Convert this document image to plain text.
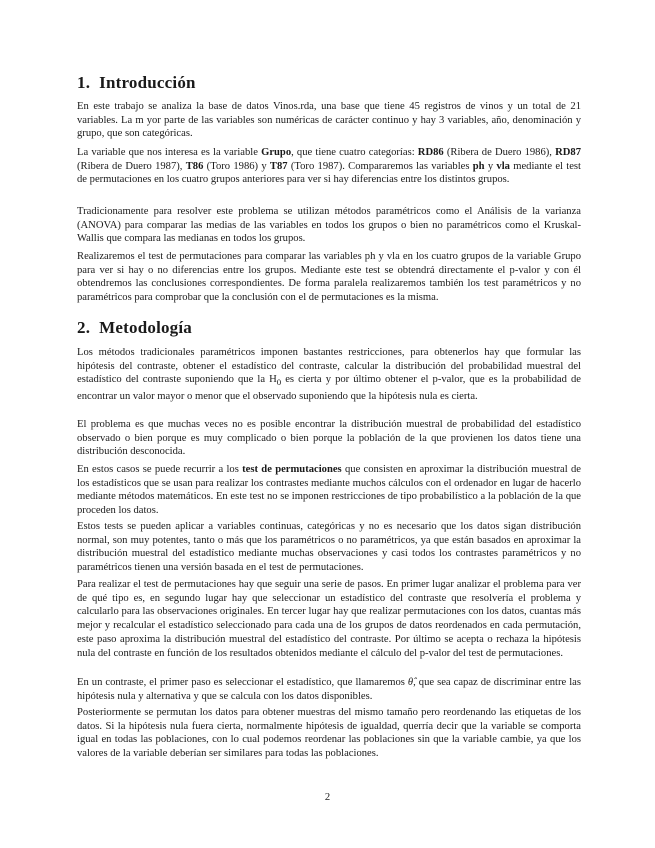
1. Introducción

En este trabajo se analiza la base de datos Vinos.rda, una base que tiene 45 registros de vinos y un total de 21 variables. La m yor parte de las variables son numéricas de carácter continuo y hay 3 variables, año, denominación y grupo, que son categóricas.

La variable que nos interesa es la variable Grupo, que tiene cuatro categorías: RD86 (Ribera de Duero 1986), RD87 (Ribera de Duero 1987), T86 (Toro 1986) y T87 (Toro 1987). Compararemos las variables ph y vla mediante el test de permutaciones en los cuatro grupos anteriores para ver si hay diferencias entre los distintos grupos.

Tradicionamente para resolver este problema se utilizan métodos paramétricos como el Análisis de la varianza (ANOVA) para comparar las medias de las variables en todos los grupos o bien no paramétricos como el Kruskal-Wallis que compara las medianas en todos los grupos.

Realizaremos el test de permutaciones para comparar las variables ph y vla en los cuatro grupos de la variable Grupo para ver si hay o no diferencias entre los grupos. Mediante este test se obtendrá directamente el p-valor y con él obtendremos las conclusiones correspondientes. De forma paralela realizaremos también los test paramétricos y no paramétricos para comprobar que la conclusión con el de permutaciones es la misma.

2. Metodología

Los métodos tradicionales paramétricos imponen bastantes restricciones, para obtenerlos hay que formular las hipótesis del contraste, obtener el estadístico del contraste, calcular la distribución del probabilidad muestral del estadístico del contraste suponiendo que la $H_0$ es cierta y por último obtener el p-valor, que es la probabilidad de encontrar un valor mayor o menor que el observado suponiendo que la hipótesis nula es cierta.

El problema es que muchas veces no es posible encontrar la distribución muestral de probabilidad del estadístico observado o bien porque es muy complicado o bien porque la población de la que provienen los datos tiene una distribución desconocida.

En estos casos se puede recurrir a los test de permutaciones que consisten en aproximar la distribución muestral de los estadísticos que se usan para realizar los contrastes mediante muchos cálculos con el ordenador en lugar de hacerlo mediante métodos matemáticos. En este test no se imponen restricciones de tipo probabilístico a la población de la que proceden los datos.

Estos tests se pueden aplicar a variables continuas, categóricas y no es necesario que los datos sigan distribución normal, son muy potentes, tanto o más que los paramétricos o no paramétricos, ya que están basados en aproximar la distribución muestral del estadístico mediante muchas observaciones y casi todos los contrastes paramétricos y no paramétricos tienen una versión basada en el test de permutaciones.

Para realizar el test de permutaciones hay que seguir una serie de pasos. En primer lugar analizar el problema para ver de qué tipo es, en segundo lugar hay que seleccionar un estadístico del contraste que resolvería el problema y calcularlo para las observaciones originales. En tercer lugar hay que realizar permutaciones con los datos, cuantas más mejor y recalcular el estadístico seleccionado para cada una de los grupos de datos reordenados en cada permutación, este paso aproxima la distribución muestral del estadístico del contraste. Por último se acepta o rechaza la hipótesis nula del contraste en función de los resultados obtenidos mediante el cálculo del p-valor del test de permutaciones.

En un contraste, el primer paso es seleccionar el estadístico, que llamaremos θ̂, que sea capaz de discriminar entre las hipótesis nula y alternativa y que se calcula con los datos disponibles.

Posteriormente se permutan los datos para obtener muestras del mismo tamaño pero reordenando las etiquetas de los datos. Si la hipótesis nula fuera cierta, normalmente hipótesis de igualdad, querría decir que la variable se comporta igual en todas las poblaciones, con lo cual podemos reordenar las poblaciones sin que la variable cambie, ya que los valores de la variable deberían ser similares para todas las poblaciones.

2
